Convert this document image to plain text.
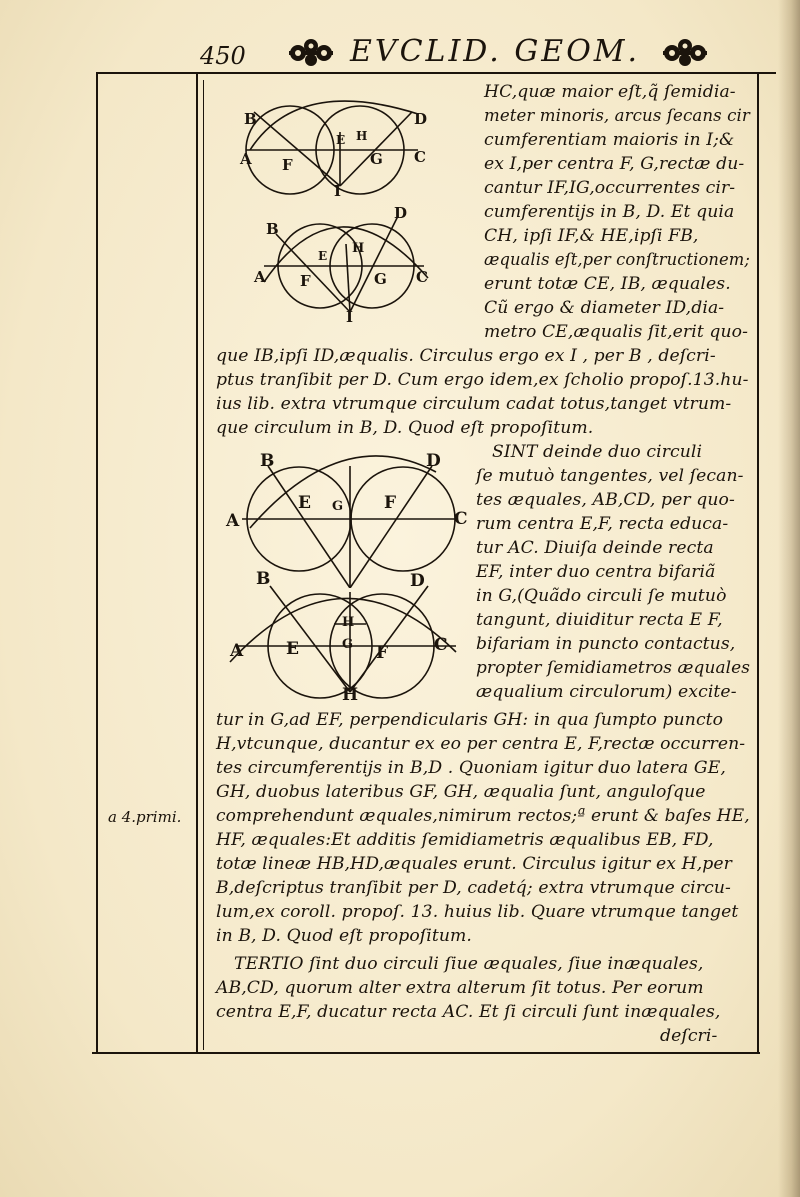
450	EVCLID. GEOM.
a 4.primi.
B	D
A F
E H
G C
I
D
B
E H
A F	G C
I
B	D
E G F
A	C
B	D
H
A	E	G F	C
H
HC,quæ maior eſt,q̃ ſemidia-
meter minoris, arcus ſecans cir
cumferentiam maioris in I;&
ex I,per centra F, G,rectæ du-
cantur IF,IG,occurrentes cir-
cumferentijs in B, D. Et quia
CH, ipſi IF,& HE,ipſi FB,
æqualis eſt,per conſtructionem;
erunt totæ CE, IB, æquales.
Cũ ergo & diameter ID,dia-
metro CE,æqualis ſit,erit quo-
que IB,ipſi ID,æqualis. Circulus ergo ex I , per B , deſcri-
ptus tranſibit per D. Cum ergo idem,ex ſcholio propoſ.13.hu-
ius lib. extra vtrumque circulum cadat totus,tanget vtrum-
que circulum in B, D. Quod eſt propoſitum.
SINT deinde duo circuli
ſe mutuò tangentes, vel ſecan-
tes æquales, AB,CD, per quo-
rum centra E,F, recta educa-
tur AC. Diuiſa deinde recta
EF, inter duo centra bifariã
in G,(Quãdo circuli ſe mutuò
tangunt, diuiditur recta E F,
bifariam in puncto contactus,
propter ſemidiametros æquales
æqualium circulorum) excite-
tur in G,ad EF, perpendicularis GH: in qua ſumpto puncto
H,vtcunque, ducantur ex eo per centra E, F,rectæ occurren-
tes circumferentijs in B,D . Quoniam igitur duo latera GE,
GH, duobus lateribus GF, GH, æqualia ſunt, anguloſque
comprehendunt æquales,nimirum rectos;ª erunt & baſes HE,
HF, æquales:Et additis ſemidiametris æqualibus EB, FD,
totæ lineæ HB,HD,æquales erunt. Circulus igitur ex H,per
B,deſcriptus tranſibit per D, cadetq́; extra vtrumque circu-
lum,ex coroll. propoſ. 13. huius lib. Quare vtrumque tanget
in B, D. Quod eſt propoſitum.
TERTIO ſint duo circuli ſiue æquales, ſiue inæquales,
AB,CD, quorum alter extra alterum ſit totus. Per eorum
centra E,F, ducatur recta AC. Et ſi circuli ſunt inæquales,
deſcri-
